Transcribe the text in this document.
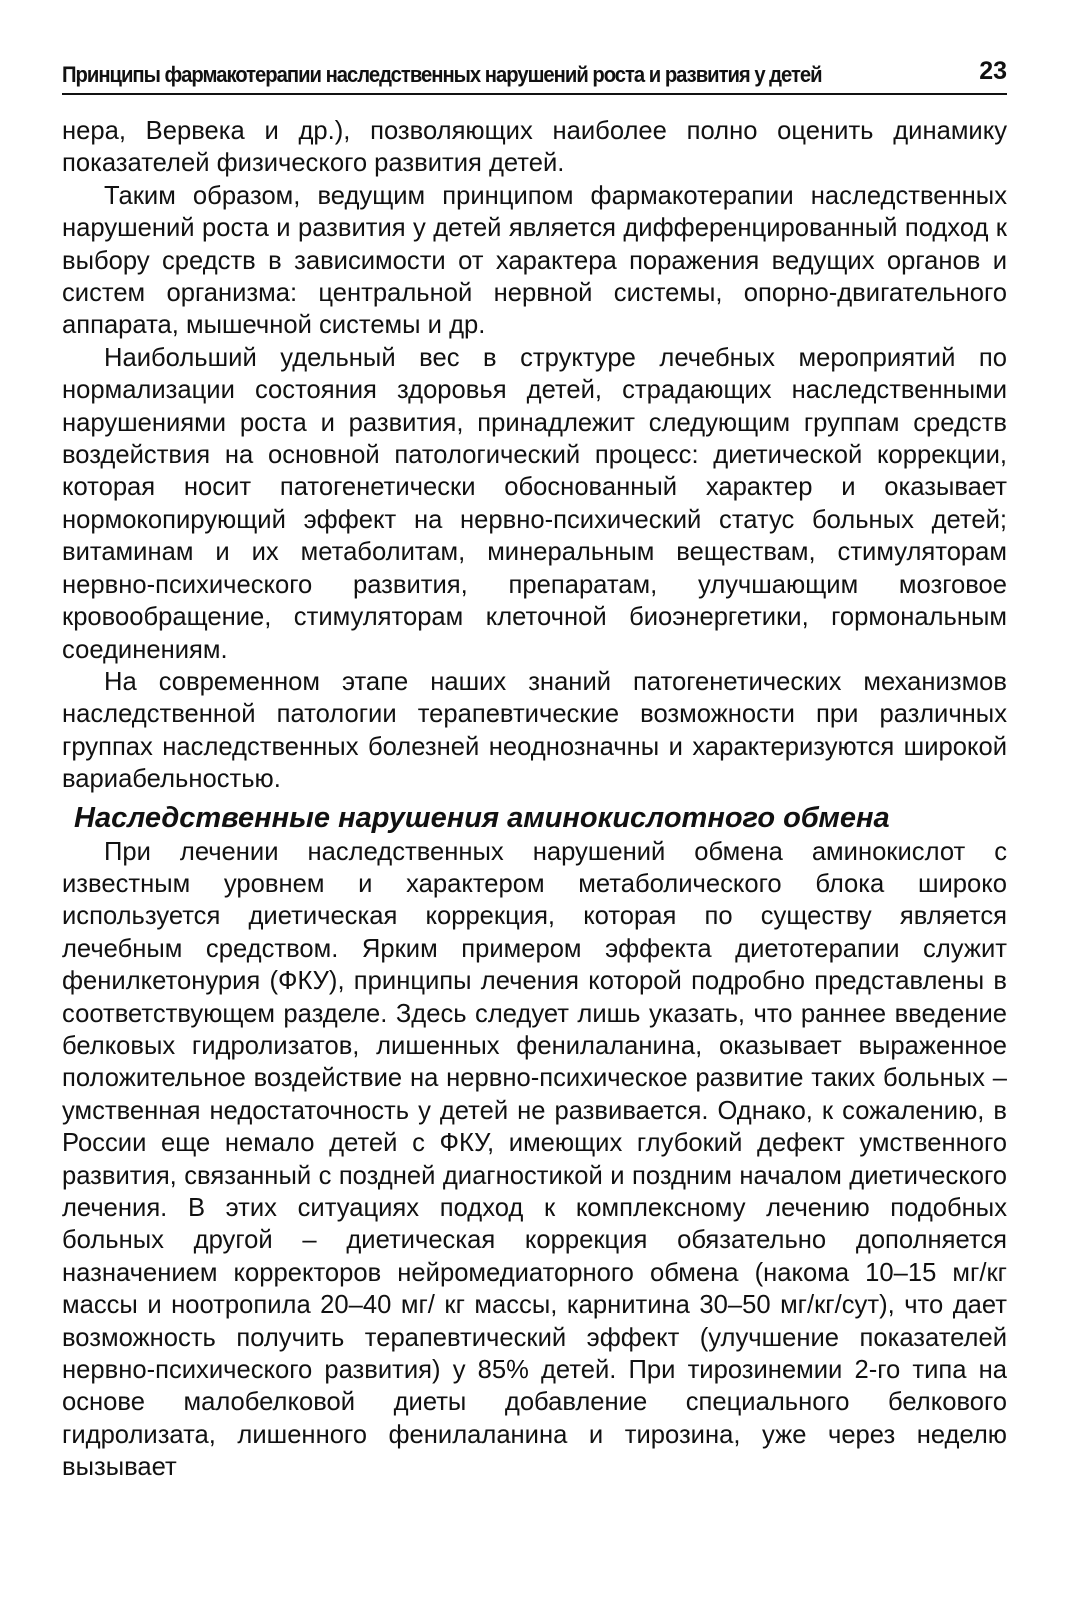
Принципы фармакотерапии наследственных нарушений роста и развития у детей	23

нера, Вервека и др.), позволяющих наиболее полно оценить динамику показателей физического развития детей.

Таким образом, ведущим принципом фармакотерапии наследственных нарушений роста и развития у детей является дифференцированный подход к выбору средств в зависимости от характера поражения ведущих органов и систем организма: центральной нервной системы, опорно-двигательного аппарата, мышечной системы и др.

Наибольший удельный вес в структуре лечебных мероприятий по нормализации состояния здоровья детей, страдающих наследственными нарушениями роста и развития, принадлежит следующим группам средств воздействия на основной патологический процесс: диетической коррекции, которая носит патогенетически обоснованный характер и оказывает нормокопирующий эффект на нервно-психический статус больных детей; витаминам и их метаболитам, минеральным веществам, стимуляторам нервно-психического развития, препаратам, улучшающим мозговое кровообращение, стимуляторам клеточной биоэнергетики, гормональным соединениям.

На современном этапе наших знаний патогенетических механизмов наследственной патологии терапевтические возможности при различных группах наследственных болезней неоднозначны и характеризуются широкой вариабельностью.

Наследственные нарушения аминокислотного обмена

При лечении наследственных нарушений обмена аминокислот с известным уровнем и характером метаболического блока широко используется диетическая коррекция, которая по существу является лечебным средством. Ярким примером эффекта диетотерапии служит фенилкетонурия (ФКУ), принципы лечения которой подробно представлены в соответствующем разделе. Здесь следует лишь указать, что раннее введение белковых гидролизатов, лишенных фенилаланина, оказывает выраженное положительное воздействие на нервно-психическое развитие таких больных – умственная недостаточность у детей не развивается. Однако, к сожалению, в России еще немало детей с ФКУ, имеющих глубокий дефект умственного развития, связанный с поздней диагностикой и поздним началом диетического лечения. В этих ситуациях подход к комплексному лечению подобных больных другой – диетическая коррекция обязательно дополняется назначением корректоров нейромедиаторного обмена (накома 10–15 мг/кг массы и ноотропила 20–40 мг/ кг массы, карнитина 30–50 мг/кг/сут), что дает возможность получить терапевтический эффект (улучшение показателей нервно-психического развития) у 85% детей. При тирозинемии 2-го типа на основе малобелковой диеты добавление специального белкового гидролизата, лишенного фенилаланина и тирозина, уже через неделю вызывает
